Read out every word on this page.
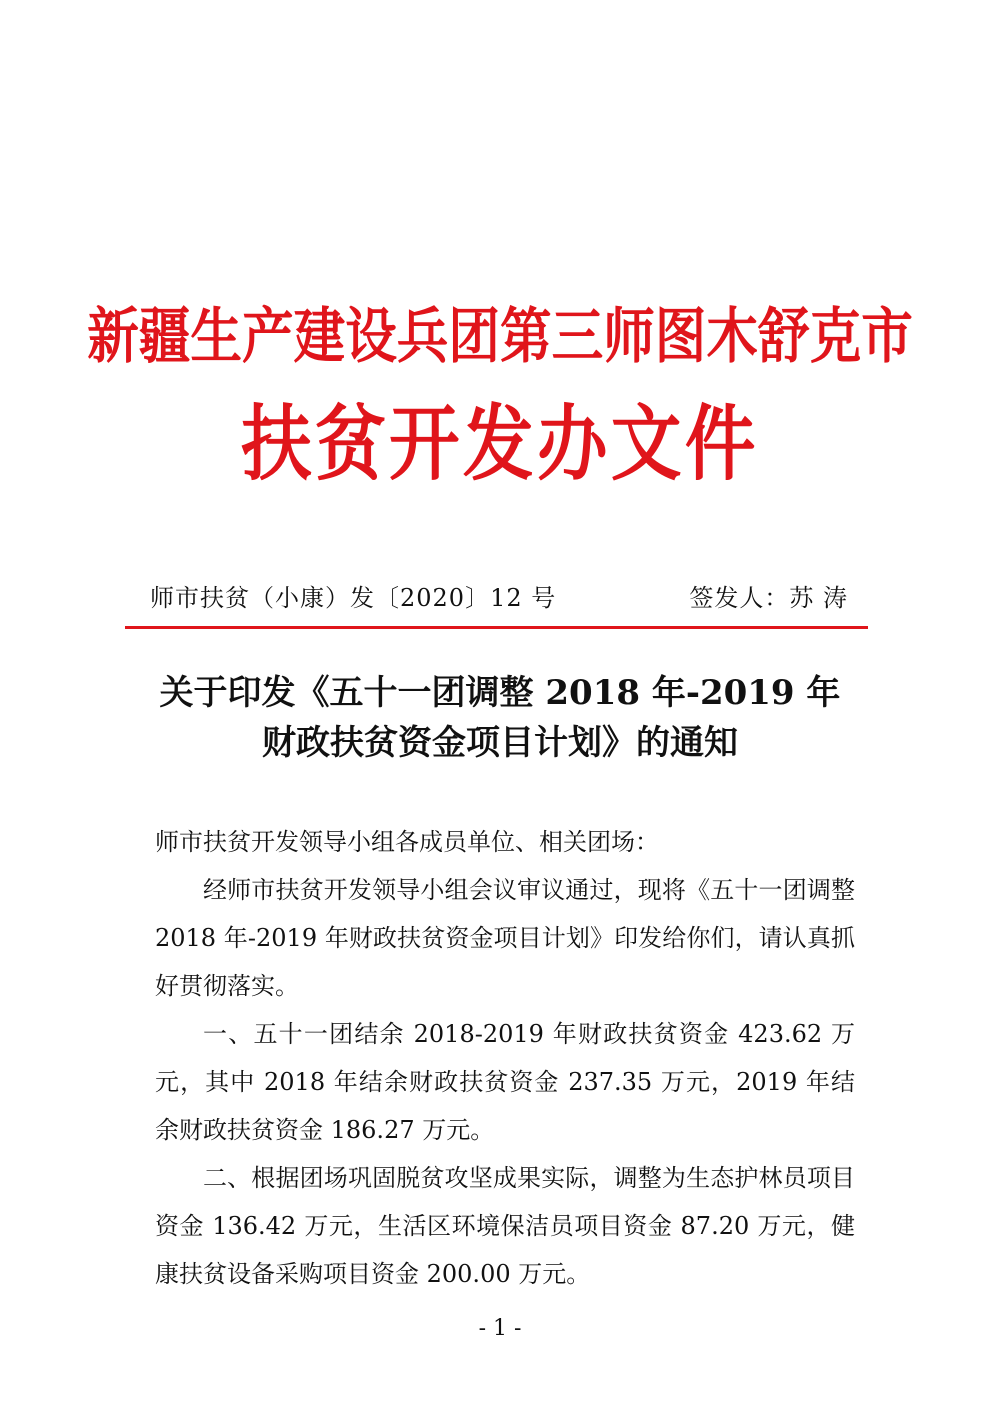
新疆生产建设兵团第三师图木舒克市
扶贫开发办文件
师市扶贫（小康）发〔2020〕12 号	签发人：苏 涛
关于印发《五十一团调整 2018 年-2019 年
财政扶贫资金项目计划》的通知
师市扶贫开发领导小组各成员单位、相关团场：

经师市扶贫开发领导小组会议审议通过，现将《五十一团调整 2018 年-2019 年财政扶贫资金项目计划》印发给你们，请认真抓好贯彻落实。

一、五十一团结余 2018-2019 年财政扶贫资金 423.62 万元，其中 2018 年结余财政扶贫资金 237.35 万元，2019 年结余财政扶贫资金 186.27 万元。

二、根据团场巩固脱贫攻坚成果实际，调整为生态护林员项目资金 136.42 万元，生活区环境保洁员项目资金 87.20 万元，健康扶贫设备采购项目资金 200.00 万元。

- 1 -
